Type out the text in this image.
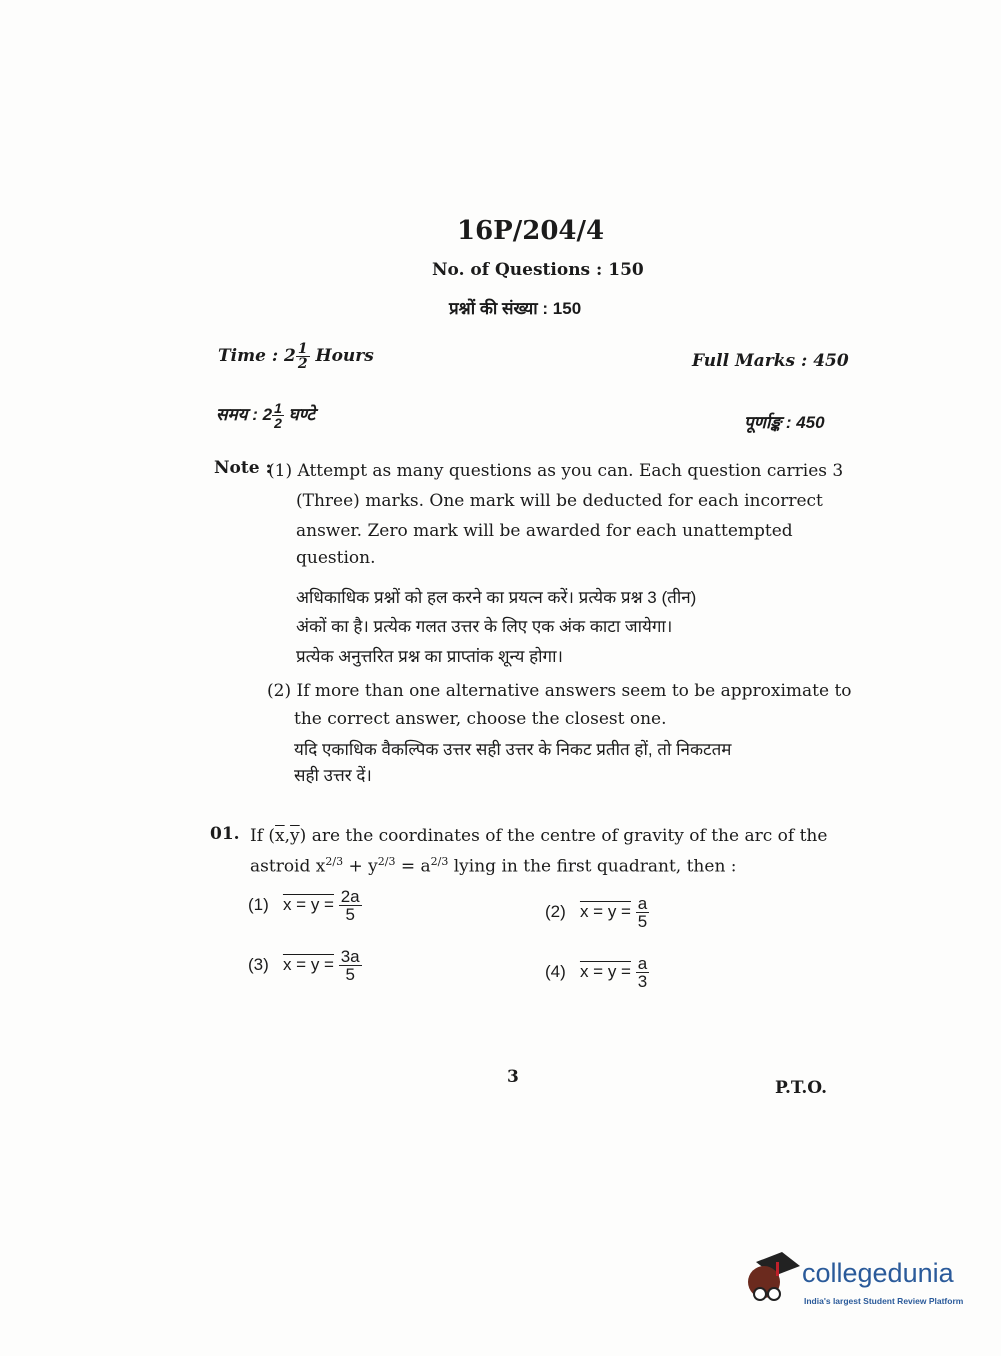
16P/204/4
No. of Questions : 150
प्रश्नों की संख्या : 150
Time : $2 \frac{1}{2}$ Hours	Full Marks : 450
समय : $2 \frac{1}{2}$ घण्टे	पूर्णाङ्क : 450
Note :
(1) Attempt as many questions as you can. Each question carries 3
(Three) marks. One mark will be deducted for each incorrect
answer. Zero mark will be awarded for each unattempted
question.
अधिकाधिक प्रश्नों को हल करने का प्रयत्न करें। प्रत्येक प्रश्न 3 (तीन)
अंकों का है। प्रत्येक गलत उत्तर के लिए एक अंक काटा जायेगा।
प्रत्येक अनुत्तरित प्रश्न का प्राप्तांक शून्य होगा।
(2) If more than one alternative answers seem to be approximate to
the correct answer, choose the closest one.
यदि एकाधिक वैकल्पिक उत्तर सही उत्तर के निकट प्रतीत हों, तो निकटतम
सही उत्तर दें।
01. If $(\overline{x},\overline{y})$ are the coordinates of the centre of gravity of the arc of the
astroid $x^{2/3} + y^{2/3} = a^{2/3}$ lying in the first quadrant, then :
(1) $x = y = \frac{2a}{5}$	(2) $x = y = \frac{a}{5}$
(3) $x = y = \frac{3a}{5}$	(4) $x = y = \frac{a}{3}$
3
P.T.O.
collegedunia
India's largest Student Review Platform
